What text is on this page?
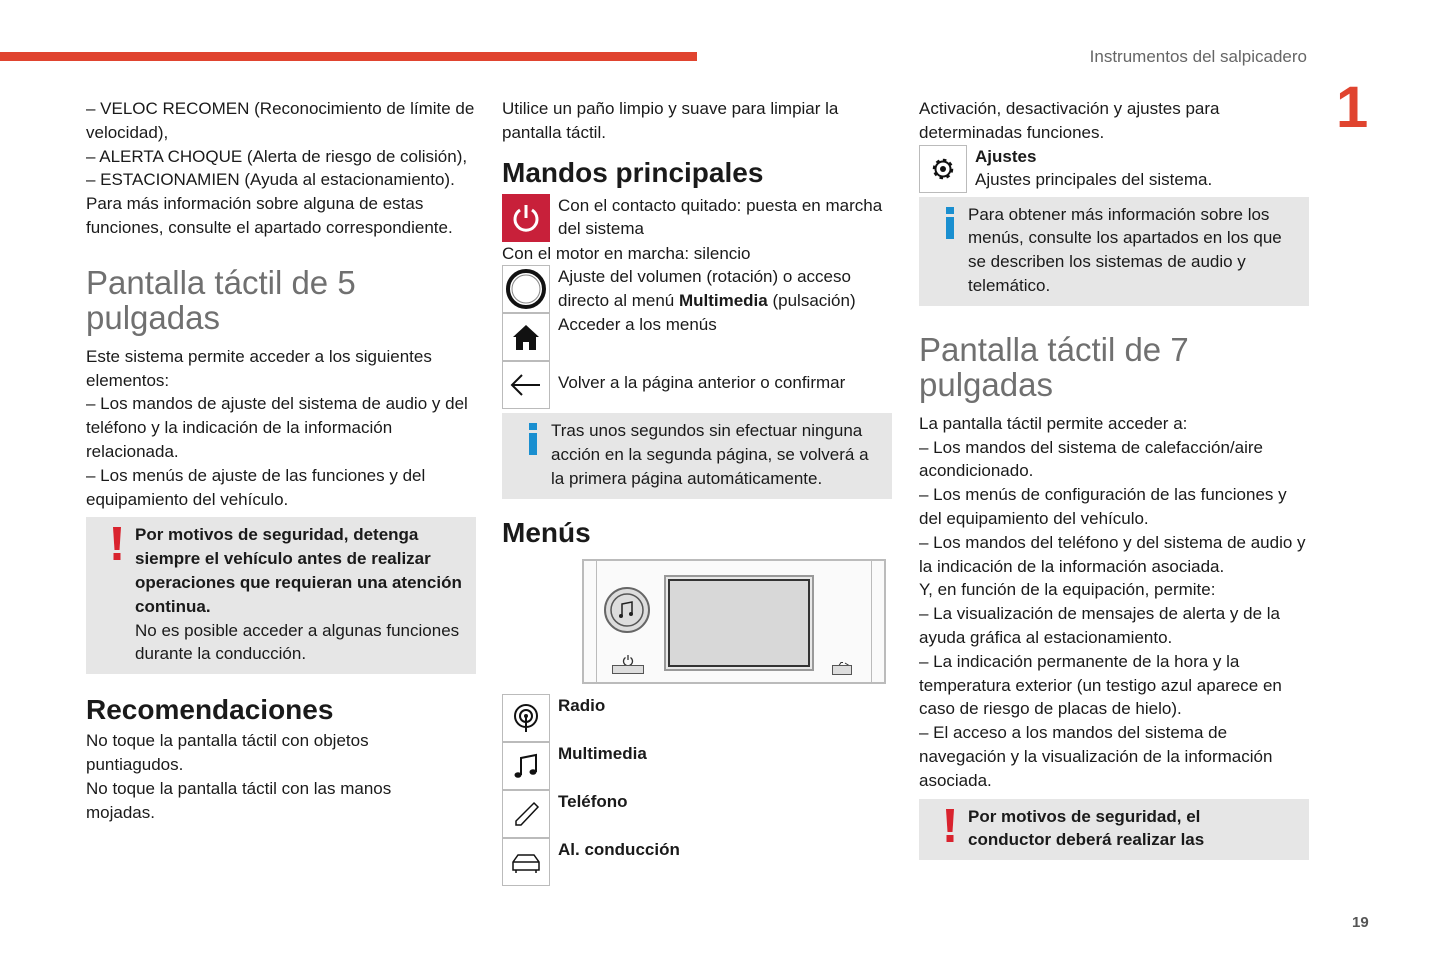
Instrumentos del salpicadero
1
19
– VELOC RECOMEN (Reconocimiento de límite de velocidad),
– ALERTA CHOQUE (Alerta de riesgo de colisión),
– ESTACIONAMIEN (Ayuda al estacionamiento).
Para más información sobre alguna de estas funciones, consulte el apartado correspondiente.
Pantalla táctil de 5 pulgadas
Este sistema permite acceder a los siguientes elementos:
– Los mandos de ajuste del sistema de audio y del teléfono y la indicación de la información relacionada.
– Los menús de ajuste de las funciones y del equipamiento del vehículo.
Por motivos de seguridad, detenga siempre el vehículo antes de realizar operaciones que requieran una atención continua.
No es posible acceder a algunas funciones durante la conducción.
Recomendaciones
No toque la pantalla táctil con objetos puntiagudos.
No toque la pantalla táctil con las manos mojadas.
Utilice un paño limpio y suave para limpiar la pantalla táctil.
Mandos principales
Con el contacto quitado: puesta en marcha del sistema
Con el motor en marcha: silencio
Ajuste del volumen (rotación) o acceso directo al menú Multimedia (pulsación)
Acceder a los menús
Volver a la página anterior o confirmar
Tras unos segundos sin efectuar ninguna acción en la segunda página, se volverá a la primera página automáticamente.
Menús
Radio
Multimedia
Teléfono
Al. conducción
Activación, desactivación y ajustes para determinadas funciones.
Ajustes
Ajustes principales del sistema.
Para obtener más información sobre los menús, consulte los apartados en los que se describen los sistemas de audio y telemático.
Pantalla táctil de 7 pulgadas
La pantalla táctil permite acceder a:
– Los mandos del sistema de calefacción/aire acondicionado.
– Los menús de configuración de las funciones y del equipamiento del vehículo.
– Los mandos del teléfono y del sistema de audio y la indicación de la información asociada.
Y, en función de la equipación, permite:
– La visualización de mensajes de alerta y de la ayuda gráfica al estacionamiento.
– La indicación permanente de la hora y la temperatura exterior (un testigo azul aparece en caso de riesgo de placas de hielo).
– El acceso a los mandos del sistema de navegación y la visualización de la información asociada.
Por motivos de seguridad, el conductor deberá realizar las
